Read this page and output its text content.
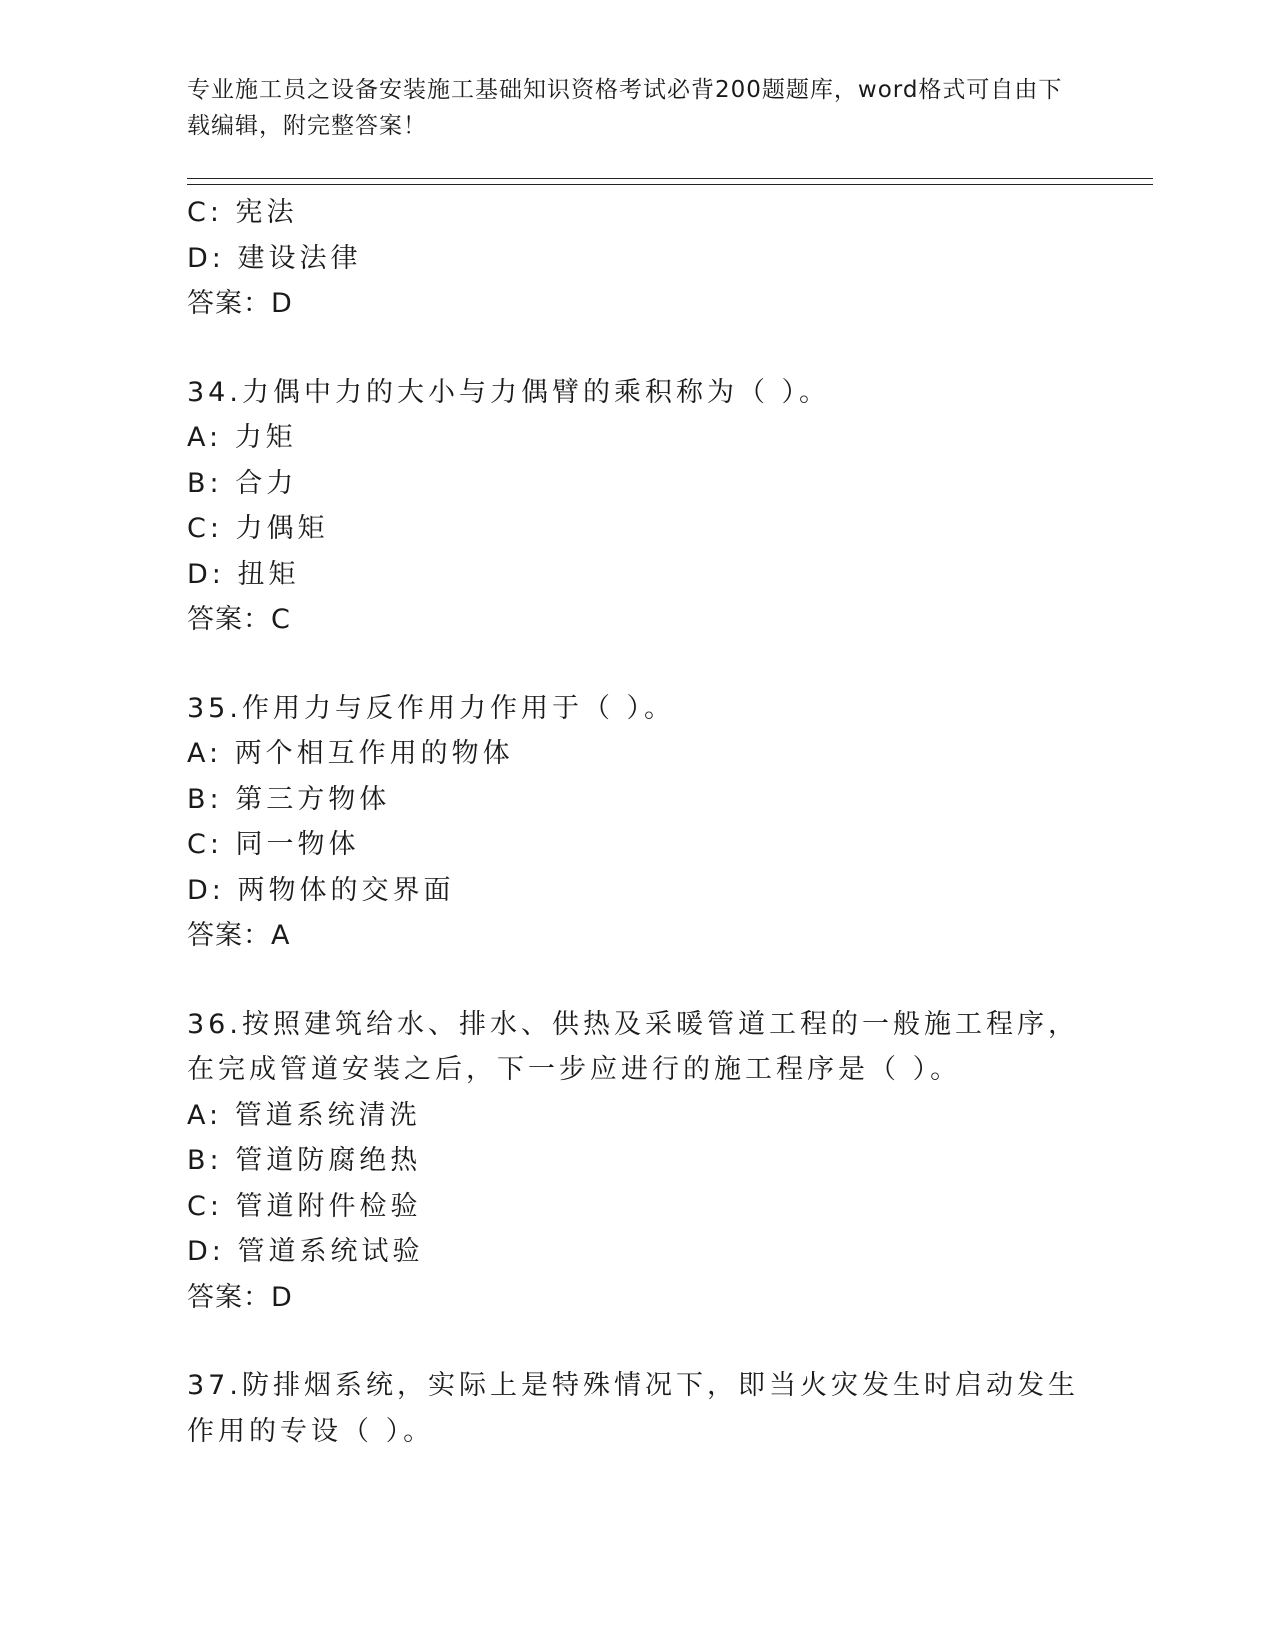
专业施工员之设备安装施工基础知识资格考试必背200题题库，word格式可自由下载编辑，附完整答案！
C: 宪法
D: 建设法律
答案：D
34.力偶中力的大小与力偶臂的乘积称为（ ）。
A: 力矩
B: 合力
C: 力偶矩
D: 扭矩
答案：C
35.作用力与反作用力作用于（ ）。
A: 两个相互作用的物体
B: 第三方物体
C: 同一物体
D: 两物体的交界面
答案：A
36.按照建筑给水、排水、供热及采暖管道工程的一般施工程序，在完成管道安装之后，下一步应进行的施工程序是（ ）。
A: 管道系统清洗
B: 管道防腐绝热
C: 管道附件检验
D: 管道系统试验
答案：D
37.防排烟系统，实际上是特殊情况下，即当火灾发生时启动发生作用的专设（ ）。
